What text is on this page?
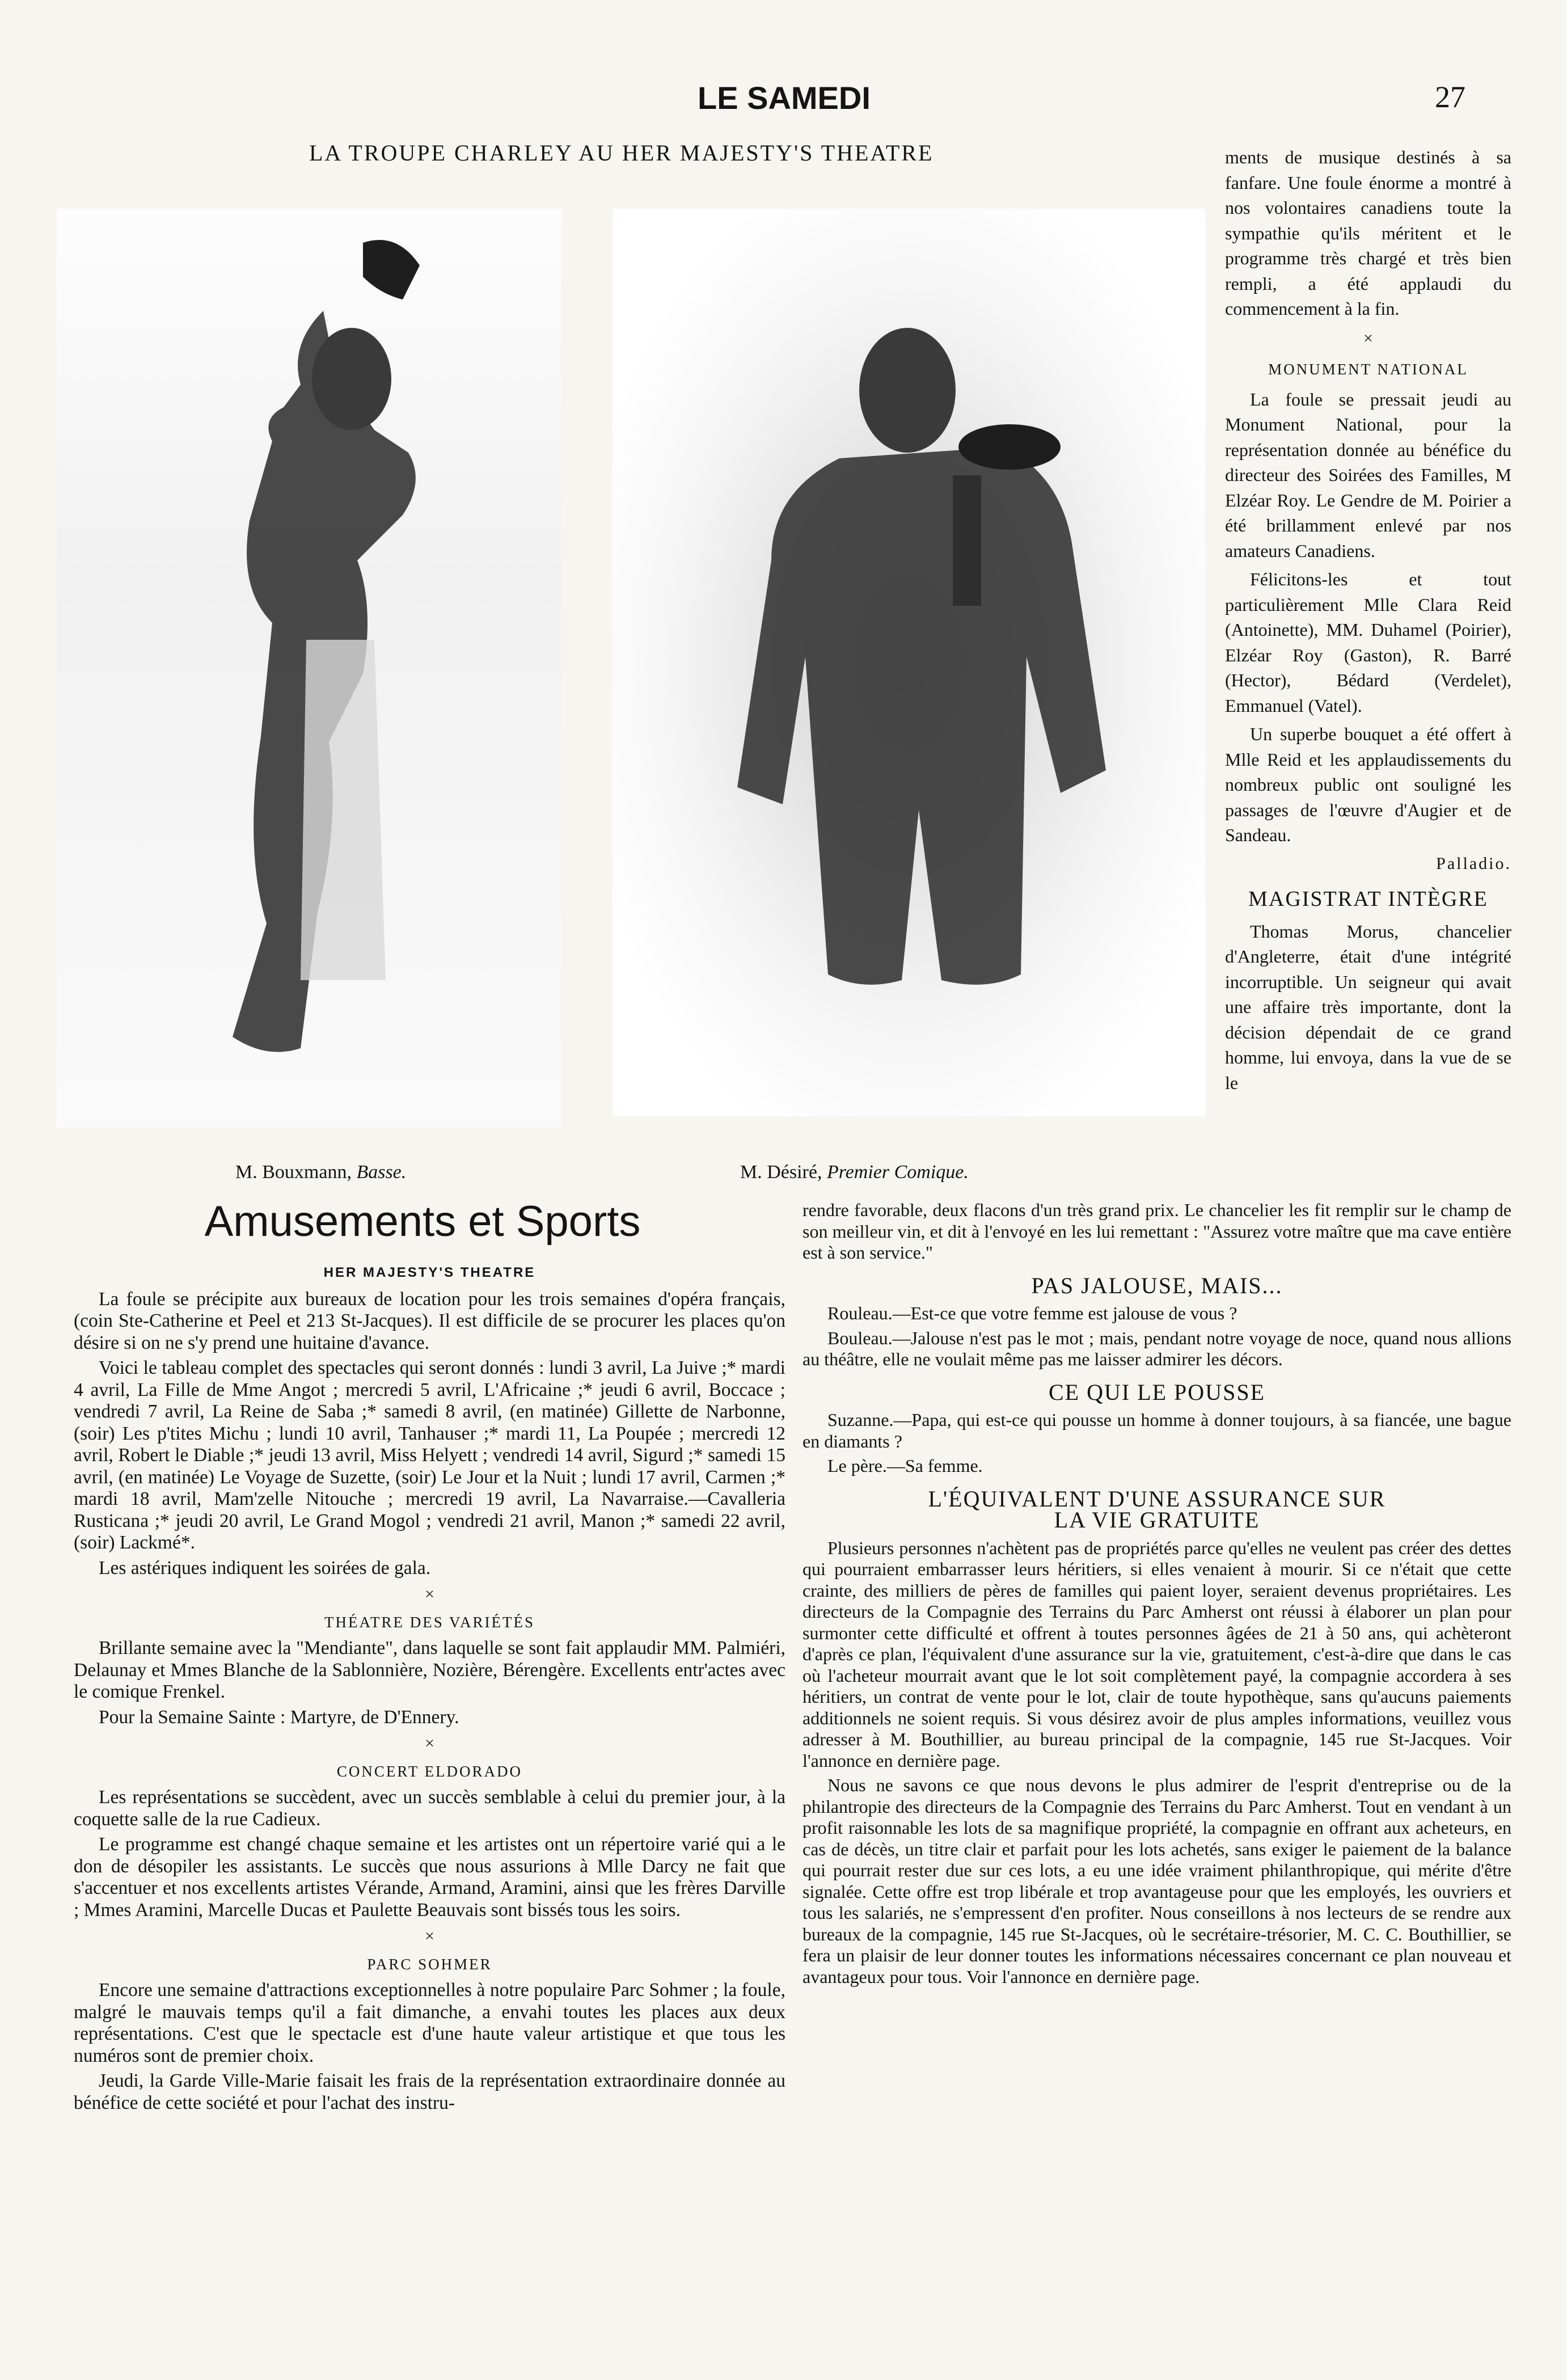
LE SAMEDI	27
LA TROUPE CHARLEY AU HER MAJESTY'S THEATRE
M. Bouxmann, Basse.	M. Désiré, Premier Comique.

ments de musique destinés à sa fanfare. Une foule énorme a montré à nos volontaires canadiens toute la sympathie qu'ils méritent et le programme très chargé et très bien rempli, a été applaudi du commencement à la fin.

×
MONUMENT NATIONAL

La foule se pressait jeudi au Monument National, pour la représentation donnée au bénéfice du directeur des Soirées des Familles, M Elzéar Roy. Le Gendre de M. Poirier a été brillamment enlevé par nos amateurs Canadiens.

Félicitons-les et tout particulièrement Mlle Clara Reid (Antoinette), MM. Duhamel (Poirier), Elzéar Roy (Gaston), R. Barré (Hector), Bédard (Verdelet), Emmanuel (Vatel).

Un superbe bouquet a été offert à Mlle Reid et les applaudissements du nombreux public ont souligné les passages de l'œuvre d'Augier et de Sandeau.

Palladio.
MAGISTRAT INTÈGRE

Thomas Morus, chancelier d'Angleterre, était d'une intégrité incorruptible. Un seigneur qui avait une affaire très importante, dont la décision dépendait de ce grand homme, lui envoya, dans la vue de se le

Amusements et Sports
HER MAJESTY'S THEATRE

La foule se précipite aux bureaux de location pour les trois semaines d'opéra français, (coin Ste-Catherine et Peel et 213 St-Jacques). Il est difficile de se procurer les places qu'on désire si on ne s'y prend une huitaine d'avance.

Voici le tableau complet des spectacles qui seront donnés : lundi 3 avril, La Juive ;* mardi 4 avril, La Fille de Mme Angot ; mercredi 5 avril, L'Africaine ;* jeudi 6 avril, Boccace ; vendredi 7 avril, La Reine de Saba ;* samedi 8 avril, (en matinée) Gillette de Narbonne, (soir) Les p'tites Michu ; lundi 10 avril, Tanhauser ;* mardi 11, La Poupée ; mercredi 12 avril, Robert le Diable ;* jeudi 13 avril, Miss Helyett ; vendredi 14 avril, Sigurd ;* samedi 15 avril, (en matinée) Le Voyage de Suzette, (soir) Le Jour et la Nuit ; lundi 17 avril, Carmen ;* mardi 18 avril, Mam'zelle Nitouche ; mercredi 19 avril, La Navarraise.—Cavalleria Rusticana ;* jeudi 20 avril, Le Grand Mogol ; vendredi 21 avril, Manon ;* samedi 22 avril, (soir) Lackmé*.

Les astériques indiquent les soirées de gala.

×
THÉATRE DES VARIÉTÉS

Brillante semaine avec la "Mendiante", dans laquelle se sont fait applaudir MM. Palmiéri, Delaunay et Mmes Blanche de la Sablonnière, Nozière, Bérengère. Excellents entr'actes avec le comique Frenkel.

Pour la Semaine Sainte : Martyre, de D'Ennery.

×
CONCERT ELDORADO

Les représentations se succèdent, avec un succès semblable à celui du premier jour, à la coquette salle de la rue Cadieux.

Le programme est changé chaque semaine et les artistes ont un répertoire varié qui a le don de désopiler les assistants. Le succès que nous assurions à Mlle Darcy ne fait que s'accentuer et nos excellents artistes Vérande, Armand, Aramini, ainsi que les frères Darville ; Mmes Aramini, Marcelle Ducas et Paulette Beauvais sont bissés tous les soirs.

×
PARC SOHMER

Encore une semaine d'attractions exceptionnelles à notre populaire Parc Sohmer ; la foule, malgré le mauvais temps qu'il a fait dimanche, a envahi toutes les places aux deux représentations. C'est que le spectacle est d'une haute valeur artistique et que tous les numéros sont de premier choix.

Jeudi, la Garde Ville-Marie faisait les frais de la représentation extraordinaire donnée au bénéfice de cette société et pour l'achat des instru-

rendre favorable, deux flacons d'un très grand prix. Le chancelier les fit remplir sur le champ de son meilleur vin, et dit à l'envoyé en les lui remettant : "Assurez votre maître que ma cave entière est à son service."

PAS JALOUSE, MAIS...

Rouleau.—Est-ce que votre femme est jalouse de vous ?

Bouleau.—Jalouse n'est pas le mot ; mais, pendant notre voyage de noce, quand nous allions au théâtre, elle ne voulait même pas me laisser admirer les décors.

CE QUI LE POUSSE

Suzanne.—Papa, qui est-ce qui pousse un homme à donner toujours, à sa fiancée, une bague en diamants ?

Le père.—Sa femme.

L'ÉQUIVALENT D'UNE ASSURANCE SUR
LA VIE GRATUITE

Plusieurs personnes n'achètent pas de propriétés parce qu'elles ne veulent pas créer des dettes qui pourraient embarrasser leurs héritiers, si elles venaient à mourir. Si ce n'était que cette crainte, des milliers de pères de familles qui paient loyer, seraient devenus propriétaires. Les directeurs de la Compagnie des Terrains du Parc Amherst ont réussi à élaborer un plan pour surmonter cette difficulté et offrent à toutes personnes âgées de 21 à 50 ans, qui achèteront d'après ce plan, l'équivalent d'une assurance sur la vie, gratuitement, c'est-à-dire que dans le cas où l'acheteur mourrait avant que le lot soit complètement payé, la compagnie accordera à ses héritiers, un contrat de vente pour le lot, clair de toute hypothèque, sans qu'aucuns paiements additionnels ne soient requis. Si vous désirez avoir de plus amples informations, veuillez vous adresser à M. Bouthillier, au bureau principal de la compagnie, 145 rue St-Jacques. Voir l'annonce en dernière page.

Nous ne savons ce que nous devons le plus admirer de l'esprit d'entreprise ou de la philantropie des directeurs de la Compagnie des Terrains du Parc Amherst. Tout en vendant à un profit raisonnable les lots de sa magnifique propriété, la compagnie en offrant aux acheteurs, en cas de décès, un titre clair et parfait pour les lots achetés, sans exiger le paiement de la balance qui pourrait rester due sur ces lots, a eu une idée vraiment philanthropique, qui mérite d'être signalée. Cette offre est trop libérale et trop avantageuse pour que les employés, les ouvriers et tous les salariés, ne s'empressent d'en profiter. Nous conseillons à nos lecteurs de se rendre aux bureaux de la compagnie, 145 rue St-Jacques, où le secrétaire-trésorier, M. C. C. Bouthillier, se fera un plaisir de leur donner toutes les informations nécessaires concernant ce plan nouveau et avantageux pour tous. Voir l'annonce en dernière page.
